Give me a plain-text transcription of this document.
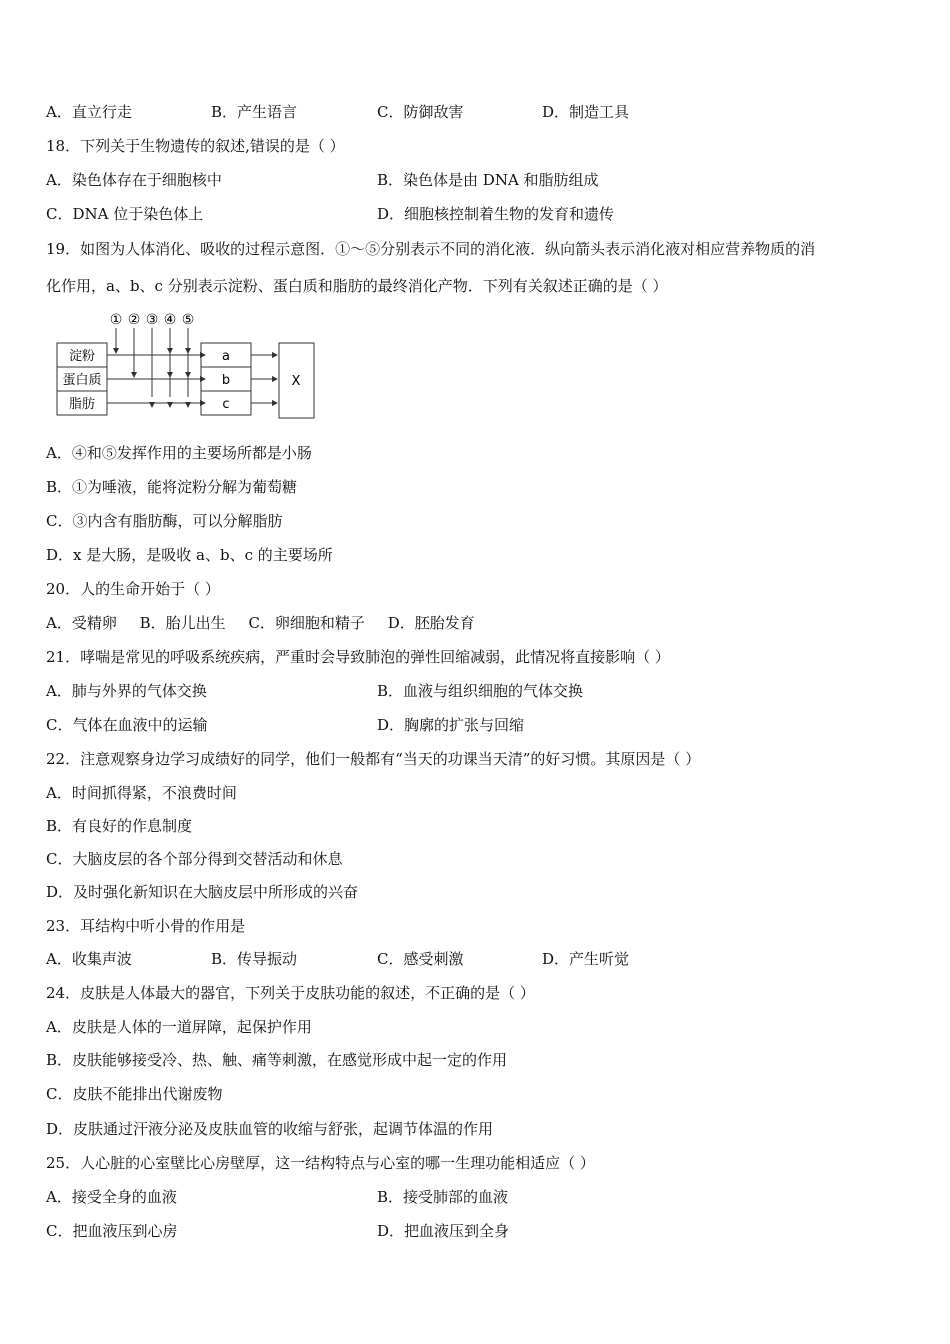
A．直立行走	B．产生语言	C．防御敌害	D．制造工具
18．下列关于生物遗传的叙述,错误的是（ ）
A．染色体存在于细胞核中	B．染色体是由 DNA 和脂肪组成
C．DNA 位于染色体上	D．细胞核控制着生物的发育和遗传
19．如图为人体消化、吸收的过程示意图．①～⑤分别表示不同的消化液．纵向箭头表示消化液对相应营养物质的消
化作用，a、b、c 分别表示淀粉、蛋白质和脂肪的最终消化产物．下列有关叙述正确的是（ ）
① ② ③ ④ ⑤
淀粉
蛋白质
脂肪
a
b
c
X
A．④和⑤发挥作用的主要场所都是小肠
B．①为唾液，能将淀粉分解为葡萄糖
C．③内含有脂肪酶，可以分解脂肪
D．x 是大肠，是吸收 a、b、c 的主要场所
20．人的生命开始于（ ）
A．受精卵 B．胎儿出生 C．卵细胞和精子 D．胚胎发育
21．哮喘是常见的呼吸系统疾病，严重时会导致肺泡的弹性回缩减弱，此情况将直接影响（ ）
A．肺与外界的气体交换	B．血液与组织细胞的气体交换
C．气体在血液中的运输	D．胸廓的扩张与回缩
22．注意观察身边学习成绩好的同学，他们一般都有“当天的功课当天清”的好习惯。其原因是（ ）
A．时间抓得紧，不浪费时间
B．有良好的作息制度
C．大脑皮层的各个部分得到交替活动和休息
D．及时强化新知识在大脑皮层中所形成的兴奋
23．耳结构中听小骨的作用是
A．收集声波	B．传导振动	C．感受刺激	D．产生听觉
24．皮肤是人体最大的器官，下列关于皮肤功能的叙述，不正确的是（ ）
A．皮肤是人体的一道屏障，起保护作用
B．皮肤能够接受冷、热、触、痛等刺激，在感觉形成中起一定的作用
C．皮肤不能排出代谢废物
D．皮肤通过汗液分泌及皮肤血管的收缩与舒张，起调节体温的作用
25．人心脏的心室壁比心房壁厚，这一结构特点与心室的哪一生理功能相适应（ ）
A．接受全身的血液	B．接受肺部的血液
C．把血液压到心房	D．把血液压到全身
